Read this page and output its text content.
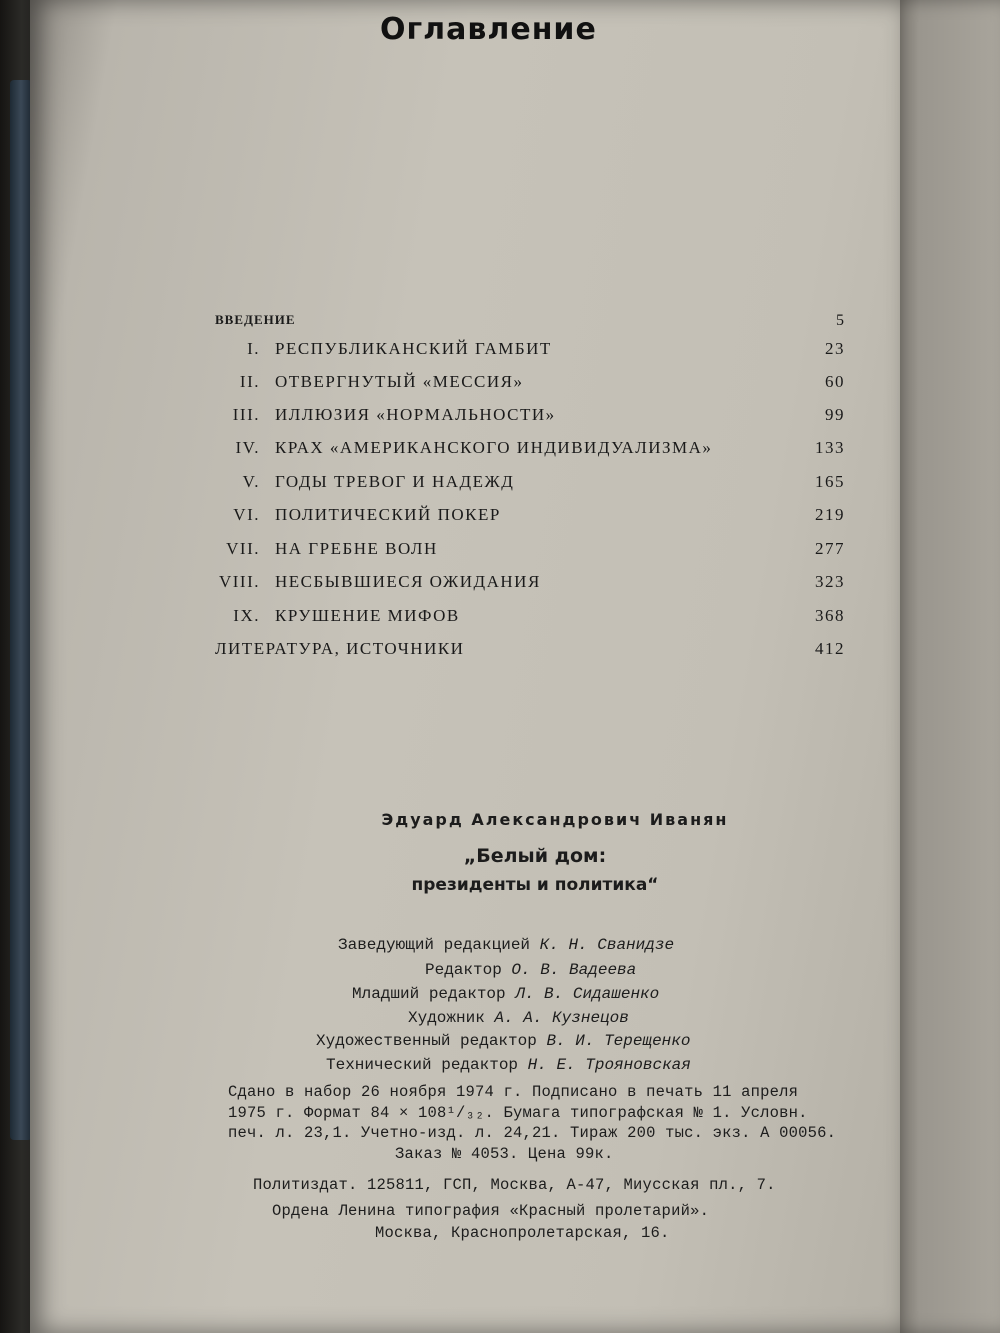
Оглавление
ВВЕДЕНИЕ	5
I. РЕСПУБЛИКАНСКИЙ ГАМБИТ	23
II. ОТВЕРГНУТЫЙ «МЕССИЯ»	60
III. ИЛЛЮЗИЯ «НОРМАЛЬНОСТИ»	99
IV. КРАХ «АМЕРИКАНСКОГО ИНДИВИДУАЛИЗМА»	133
V. ГОДЫ ТРЕВОГ И НАДЕЖД	165
VI. ПОЛИТИЧЕСКИЙ ПОКЕР	219
VII. НА ГРЕБНЕ ВОЛН	277
VIII. НЕСБЫВШИЕСЯ ОЖИДАНИЯ	323
IX. КРУШЕНИЕ МИФОВ	368
ЛИТЕРАТУРА, ИСТОЧНИКИ	412
Эдуард Александрович Иванян
„Белый дом:
президенты и политика“
Заведующий редакцией К. Н. Сванидзе
Редактор О. В. Вадеева
Младший редактор Л. В. Сидашенко
Художник А. А. Кузнецов
Художественный редактор В. И. Терещенко
Технический редактор Н. Е. Трояновская
Сдано в набор 26 ноября 1974 г. Подписано в печать 11 апреля
1975 г. Формат 84 × 108¹/₃₂. Бумага типографская № 1. Условн.
печ. л. 23,1. Учетно-изд. л. 24,21. Тираж 200 тыс. экз. А 00056.
Заказ № 4053. Цена 99к.
Политиздат. 125811, ГСП, Москва, А-47, Миусская пл., 7.
Ордена Ленина типография «Красный пролетарий».
Москва, Краснопролетарская, 16.
